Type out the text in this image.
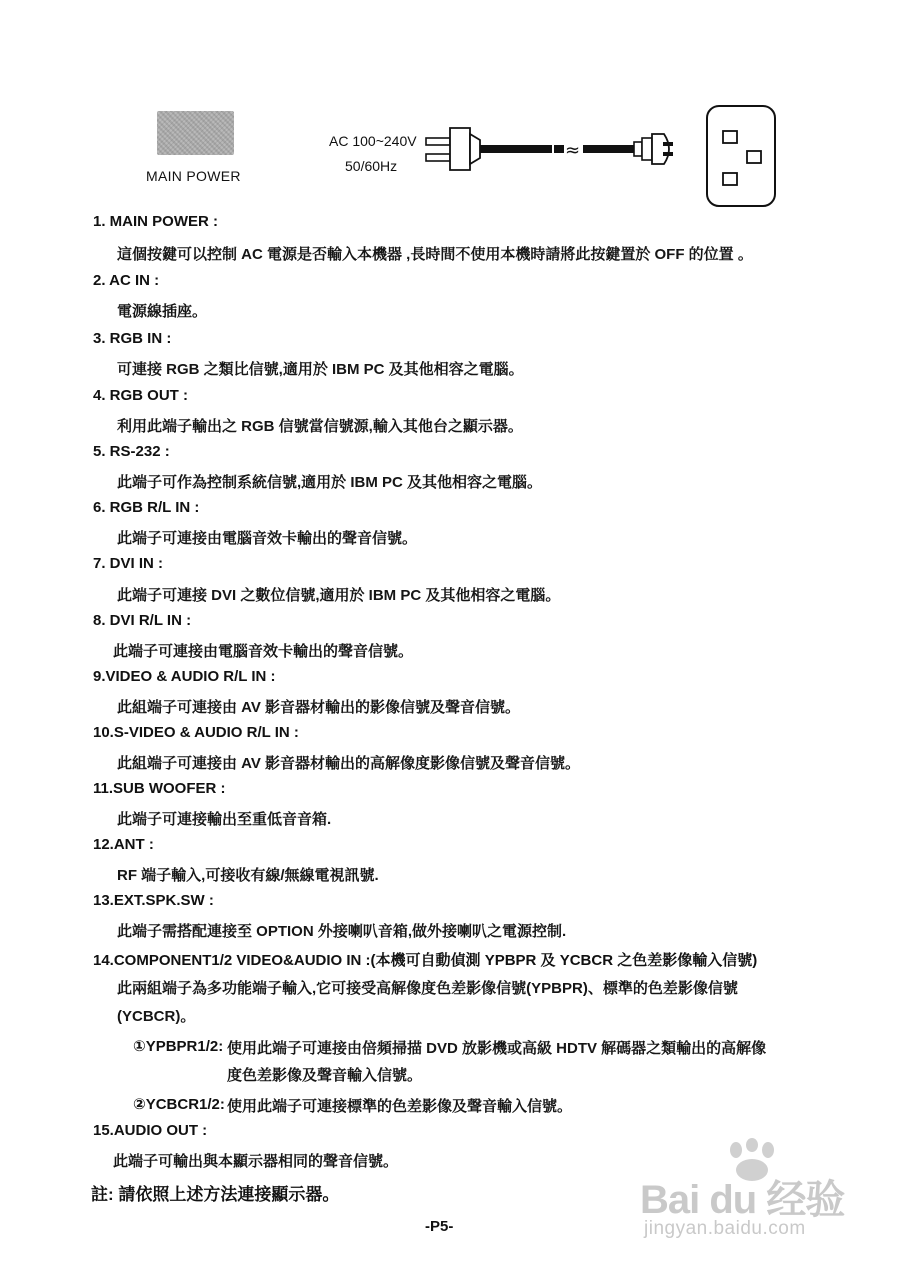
MAIN POWER
AC 100~240V
50/60Hz
≈
1. MAIN POWER :
這個按鍵可以控制 AC 電源是否輸入本機器 ,長時間不使用本機時請將此按鍵置於 OFF 的位置 。
2. AC IN :
電源線插座。
3. RGB IN :
可連接 RGB 之類比信號,適用於 IBM PC 及其他相容之電腦。
4. RGB OUT :
利用此端子輸出之 RGB 信號當信號源,輸入其他台之顯示器。
5. RS-232 :
此端子可作為控制系統信號,適用於 IBM PC 及其他相容之電腦。
6. RGB R/L IN :
此端子可連接由電腦音效卡輸出的聲音信號。
7. DVI IN :
此端子可連接 DVI 之數位信號,適用於 IBM PC 及其他相容之電腦。
8. DVI R/L IN :
此端子可連接由電腦音效卡輸出的聲音信號。
9.VIDEO & AUDIO R/L IN :
此組端子可連接由 AV 影音器材輸出的影像信號及聲音信號。
10.S-VIDEO & AUDIO R/L IN :
此組端子可連接由 AV 影音器材輸出的高解像度影像信號及聲音信號。
11.SUB WOOFER :
此端子可連接輸出至重低音音箱.
12.ANT :
RF 端子輸入,可接收有線/無線電視訊號.
13.EXT.SPK.SW :
此端子需搭配連接至 OPTION 外接喇叭音箱,做外接喇叭之電源控制.
14.COMPONENT1/2 VIDEO&AUDIO IN :(本機可自動偵測 YPBPR 及 YCBCR 之色差影像輸入信號)
此兩組端子為多功能端子輸入,它可接受高解像度色差影像信號(YPBPR)、標準的色差影像信號
(YCBCR)。
①YPBPR1/2: 使用此端子可連接由倍頻掃描 DVD 放影機或高級 HDTV 解碼器之類輸出的高解像
度色差影像及聲音輸入信號。
②YCBCR1/2: 使用此端子可連接標準的色差影像及聲音輸入信號。
15.AUDIO OUT :
此端子可輸出與本顯示器相同的聲音信號。
註: 請依照上述方法連接顯示器。
-P5-
Bai du 经验
jingyan.baidu.com
